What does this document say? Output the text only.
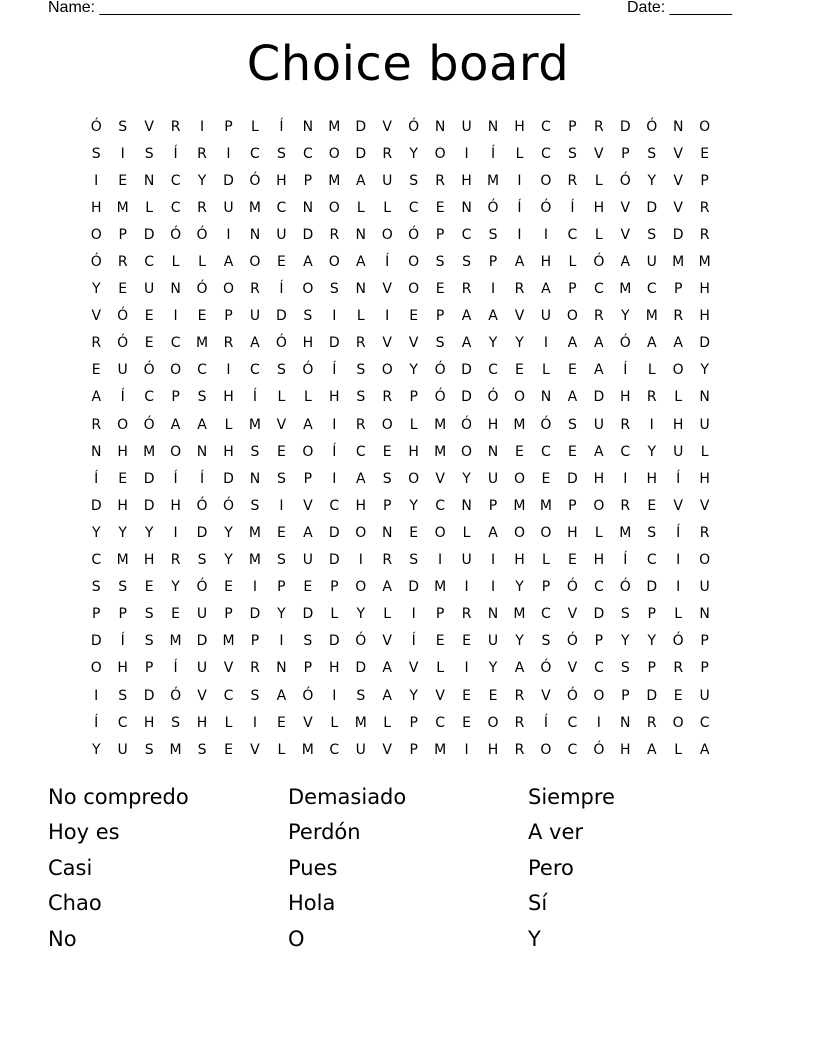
Name: ______________________________________________________	Date: _______
Choice board
Ó	S	V	R	I	P	L	Í	N	M	D	V	Ó	N	U	N	H	C	P	R	D	Ó	N	O
S	I	S	Í	R	I	C	S	C	O	D	R	Y	O	I	Í	L	C	S	V	P	S	V	E
I	E	N	C	Y	D	Ó	H	P	M	A	U	S	R	H	M	I	O	R	L	Ó	Y	V	P
H	M	L	C	R	U	M	C	N	O	L	L	C	E	N	Ó	Í	Ó	Í	H	V	D	V	R
O	P	D	Ó	Ó	I	N	U	D	R	N	O	Ó	P	C	S	I	I	C	L	V	S	D	R
Ó	R	C	L	L	A	O	E	A	O	A	Í	O	S	S	P	A	H	L	Ó	A	U	M	M
Y	E	U	N	Ó	O	R	Í	O	S	N	V	O	E	R	I	R	A	P	C	M	C	P	H
V	Ó	E	I	E	P	U	D	S	I	L	I	E	P	A	A	V	U	O	R	Y	M	R	H
R	Ó	E	C	M	R	A	Ó	H	D	R	V	V	S	A	Y	Y	I	A	A	Ó	A	A	D
E	U	Ó	O	C	I	C	S	Ó	Í	S	O	Y	Ó	D	C	E	L	E	A	Í	L	O	Y
A	Í	C	P	S	H	Í	L	L	H	S	R	P	Ó	D	Ó	O	N	A	D	H	R	L	N
R	O	Ó	A	A	L	M	V	A	I	R	O	L	M	Ó	H	M	Ó	S	U	R	I	H	U
N	H	M	O	N	H	S	E	O	Í	C	E	H	M	O	N	E	C	E	A	C	Y	U	L
Í	E	D	Í	Í	D	N	S	P	I	A	S	O	V	Y	U	O	E	D	H	I	H	Í	H
D	H	D	H	Ó	Ó	S	I	V	C	H	P	Y	C	N	P	M	M	P	O	R	E	V	V
Y	Y	Y	I	D	Y	M	E	A	D	O	N	E	O	L	A	O	O	H	L	M	S	Í	R
C	M	H	R	S	Y	M	S	U	D	I	R	S	I	U	I	H	L	E	H	Í	C	I	O
S	S	E	Y	Ó	E	I	P	E	P	O	A	D	M	I	I	Y	P	Ó	C	Ó	D	I	U
P	P	S	E	U	P	D	Y	D	L	Y	L	I	P	R	N	M	C	V	D	S	P	L	N
D	Í	S	M	D	M	P	I	S	D	Ó	V	Í	E	E	U	Y	S	Ó	P	Y	Y	Ó	P
O	H	P	Í	U	V	R	N	P	H	D	A	V	L	I	Y	A	Ó	V	C	S	P	R	P
I	S	D	Ó	V	C	S	A	Ó	I	S	A	Y	V	E	E	R	V	Ó	O	P	D	E	U
Í	C	H	S	H	L	I	E	V	L	M	L	P	C	E	O	R	Í	C	I	N	R	O	C
Y	U	S	M	S	E	V	L	M	C	U	V	P	M	I	H	R	O	C	Ó	H	A	L	A
No compredo	Demasiado	Siempre
Hoy es	Perdón	A ver
Casi	Pues	Pero
Chao	Hola	Sí
No	O	Y
